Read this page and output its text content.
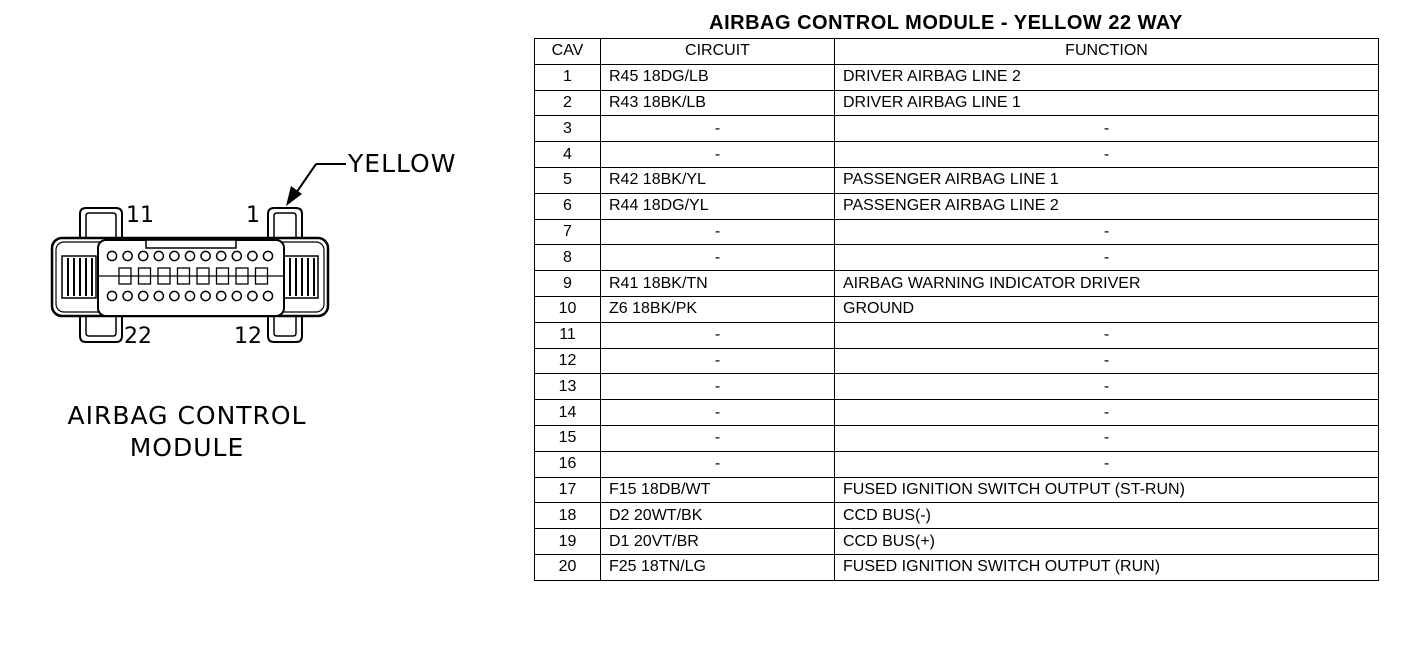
YELLOW
11	1
22	12
AIRBAG CONTROL
MODULE
AIRBAG CONTROL MODULE - YELLOW 22 WAY
CAV	CIRCUIT	FUNCTION
1	R45 18DG/LB	DRIVER AIRBAG LINE 2
2	R43 18BK/LB	DRIVER AIRBAG LINE 1
3	-	-
4	-	-
5	R42 18BK/YL	PASSENGER AIRBAG LINE 1
6	R44 18DG/YL	PASSENGER AIRBAG LINE 2
7	-	-
8	-	-
9	R41 18BK/TN	AIRBAG WARNING INDICATOR DRIVER
10	Z6 18BK/PK	GROUND
11	-	-
12	-	-
13	-	-
14	-	-
15	-	-
16	-	-
17	F15 18DB/WT	FUSED IGNITION SWITCH OUTPUT (ST-RUN)
18	D2 20WT/BK	CCD BUS(-)
19	D1 20VT/BR	CCD BUS(+)
20	F25 18TN/LG	FUSED IGNITION SWITCH OUTPUT (RUN)
